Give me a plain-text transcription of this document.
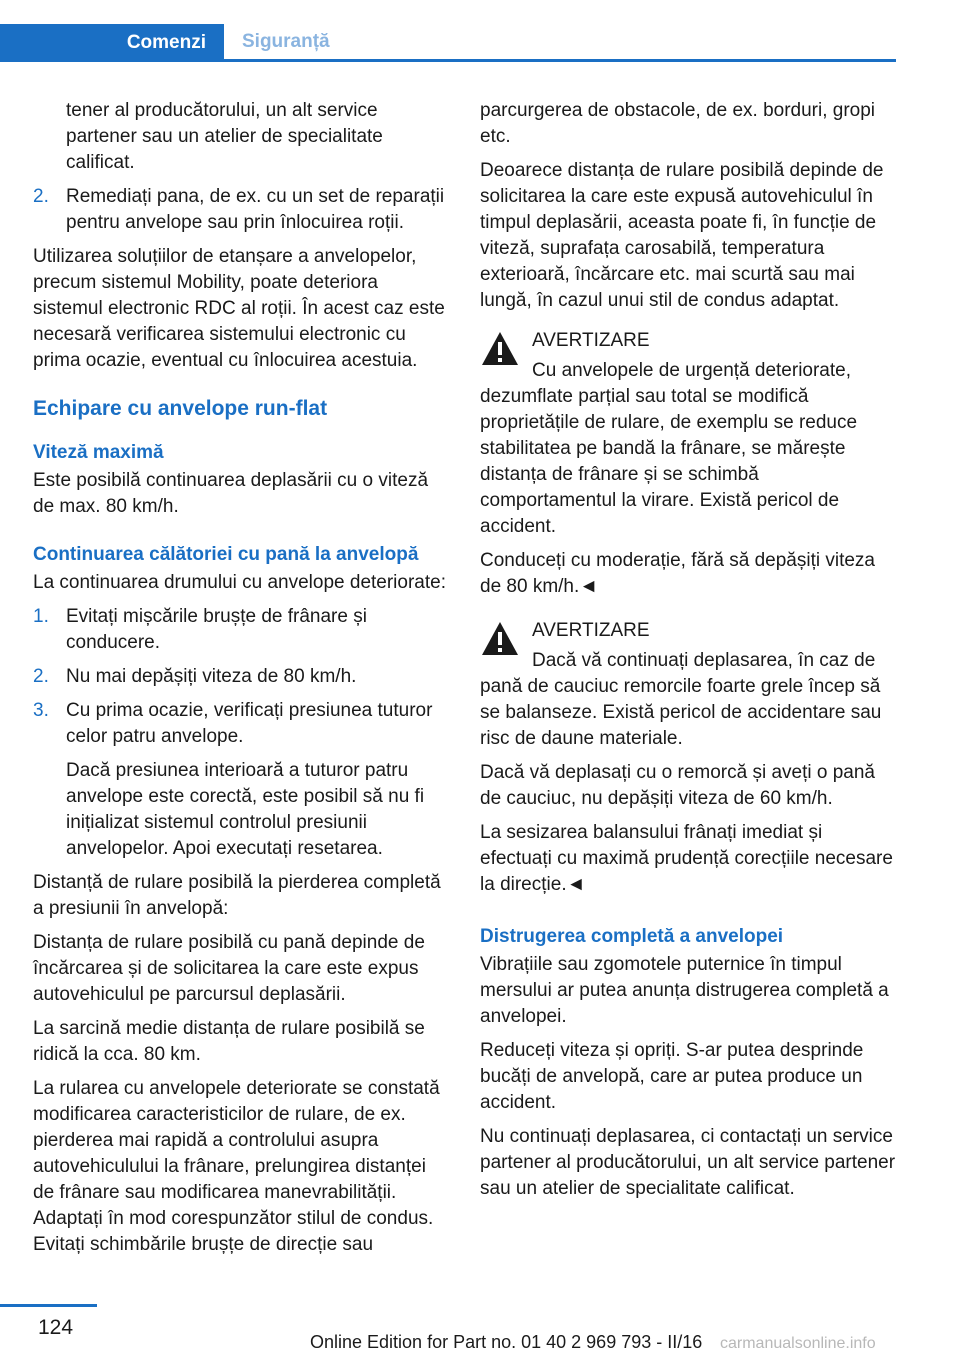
Comenzi	Siguranță
tener al producătorului, un alt service partener sau un atelier de specialitate calificat.
2. Remediați pana, de ex. cu un set de reparații pentru anvelope sau prin înlocuirea roții.

Utilizarea soluțiilor de etanșare a anvelopelor, precum sistemul Mobility, poate deteriora sistemul electronic RDC al roții. În acest caz este necesară verificarea sistemului electronic cu prima ocazie, eventual cu înlocuirea acestuia.

Echipare cu anvelope run-flat
Viteză maximă

Este posibilă continuarea deplasării cu o viteză de max. 80 km/h.

Continuarea călătoriei cu pană la anvelopă

La continuarea drumului cu anvelope deteriorate:

1. Evitați mișcările brușțe de frânare și conducere.
2. Nu mai depășiți viteza de 80 km/h.
3. Cu prima ocazie, verificați presiunea tuturor celor patru anvelope.
Dacă presiunea interioară a tuturor patru anvelope este corectă, este posibil să nu fi inițializat sistemul controlul presiunii anvelopelor. Apoi executați resetarea.

Distanță de rulare posibilă la pierderea completă a presiunii în anvelopă:

Distanța de rulare posibilă cu pană depinde de încărcarea și de solicitarea la care este expus autovehiculul pe parcursul deplasării.

La sarcină medie distanța de rulare posibilă se ridică la cca. 80 km.

La rularea cu anvelopele deteriorate se constată modificarea caracteristicilor de rulare, de ex. pierderea mai rapidă a controlului asupra autovehiculului la frânare, prelungirea distanței de frânare sau modificarea manevrabilității. Adaptați în mod corespunzător stilul de condus. Evitați schimbările brușțe de direcție sau

parcurgerea de obstacole, de ex. borduri, gropi etc.

Deoarece distanța de rulare posibilă depinde de solicitarea la care este expusă autovehiculul în timpul deplasării, aceasta poate fi, în funcție de viteză, suprafața carosabilă, temperatura exterioară, încărcare etc. mai scurtă sau mai lungă, în cazul unui stil de condus adaptat.

AVERTIZARE
Cu anvelopele de urgență deteriorate, dezumflate parțial sau total se modifică proprietățile de rulare, de exemplu se reduce stabilitatea pe bandă la frânare, se mărește distanța de frânare și se schimbă comportamentul la virare. Există pericol de accident.

Conduceți cu moderație, fără să depășiți viteza de 80 km/h.◄

AVERTIZARE
Dacă vă continuați deplasarea, în caz de pană de cauciuc remorcile foarte grele încep să se balanseze. Există pericol de accidentare sau risc de daune materiale.

Dacă vă deplasați cu o remorcă și aveți o pană de cauciuc, nu depășiți viteza de 60 km/h.

La sesizarea balansului frânați imediat și efectuați cu maximă prudență corecțiile necesare la direcție.◄

Distrugerea completă a anvelopei

Vibrațiile sau zgomotele puternice în timpul mersului ar putea anunța distrugerea completă a anvelopei.

Reduceți viteza și opriți. S-ar putea desprinde bucăți de anvelopă, care ar putea produce un accident.

Nu continuați deplasarea, ci contactați un service partener al producătorului, un alt service partener sau un atelier de specialitate calificat.

124
Online Edition for Part no. 01 40 2 969 793 - II/16 carmanualsonline.info
